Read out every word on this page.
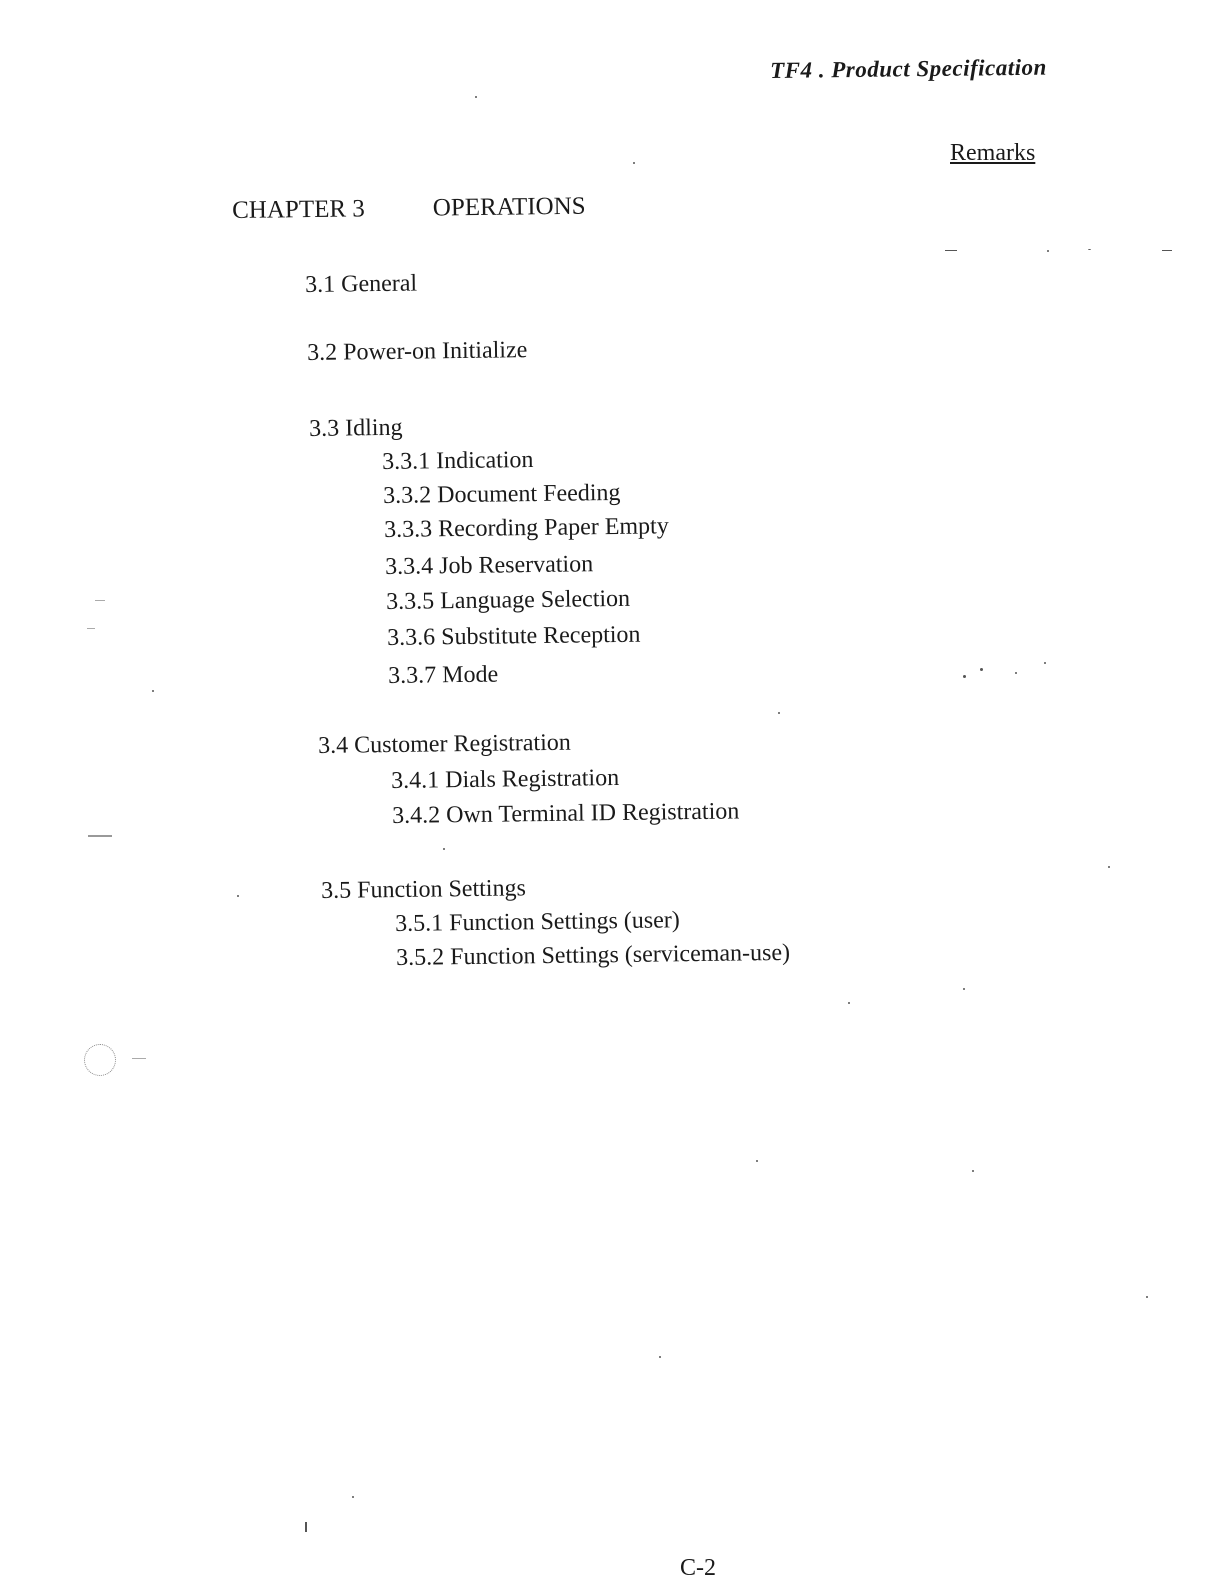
TF4 . Product Specification
Remarks
CHAPTER 3	OPERATIONS
3.1 General
3.2 Power-on Initialize
3.3 Idling
3.3.1 Indication
3.3.2 Document Feeding
3.3.3 Recording Paper Empty
3.3.4 Job Reservation
3.3.5 Language Selection
3.3.6 Substitute Reception
3.3.7 Mode
3.4 Customer Registration
3.4.1 Dials Registration
3.4.2 Own Terminal ID Registration
3.5 Function Settings
3.5.1 Function Settings (user)
3.5.2 Function Settings (serviceman-use)
C-2
